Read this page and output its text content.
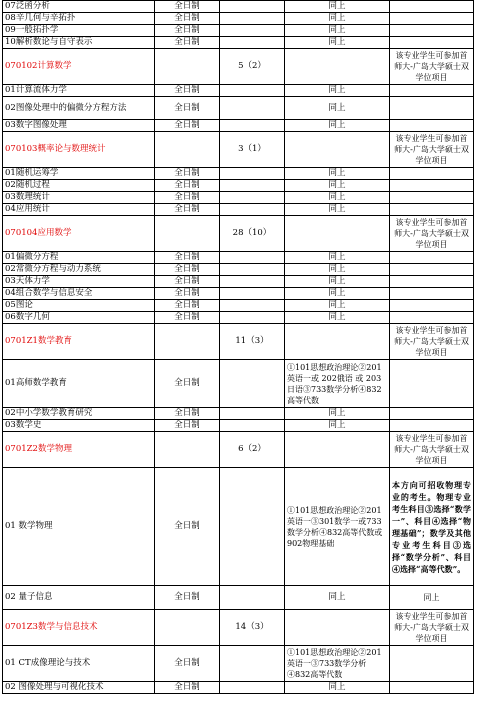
07泛函分析	全日制		同上	
08辛几何与辛拓扑	全日制		同上	
09一般拓扑学	全日制		同上	
10解析数论与自守表示	全日制		同上	
070102计算数学		5（2）		该专业学生可参加首师大-广岛大学硕士双学位项目
01计算流体力学	全日制		同上	
02图像处理中的偏微分方程方法	全日制		同上	
03数字图像处理	全日制		同上	
070103概率论与数理统计		3（1）		该专业学生可参加首师大-广岛大学硕士双学位项目
01随机运筹学	全日制		同上	
02随机过程	全日制		同上	
03数理统计	全日制		同上	
04应用统计	全日制		同上	
070104应用数学		28（10）		该专业学生可参加首师大-广岛大学硕士双学位项目
01偏微分方程	全日制		同上	
02常微分方程与动力系统	全日制		同上	
03天体力学	全日制		同上	
04组合数学与信息安全	全日制		同上	
05图论	全日制		同上	
06数字几何	全日制		同上	
0701Z1数学教育		11（3）		该专业学生可参加首师大-广岛大学硕士双学位项目
01高师数学教育	全日制		①101思想政治理论②201英语一或 202俄语 或 203日语③733数学分析④832高等代数	
02中小学数学教育研究	全日制		同上	
03数学史	全日制		同上	
0701Z2数学物理		6（2）		该专业学生可参加首师大-广岛大学硕士双学位项目
01 数学物理	全日制		①101思想政治理论②201英语一③301数学一或733数学分析④832高等代数或902物理基础	本方向可招收物理专业的考生。物理专业考生科目③选择“数学一”、科目④选择“物理基础”；数学及其他专业考生科目③选择“数学分析”、科目④选择“高等代数”。
02 量子信息	全日制		同上	同上
0701Z3数学与信息技术		14（3）		该专业学生可参加首师大-广岛大学硕士双学位项目
01 CT成像理论与技术	全日制		①101思想政治理论②201英语一③733数学分析④832高等代数	
02 图像处理与可视化技术	全日制		同上	
